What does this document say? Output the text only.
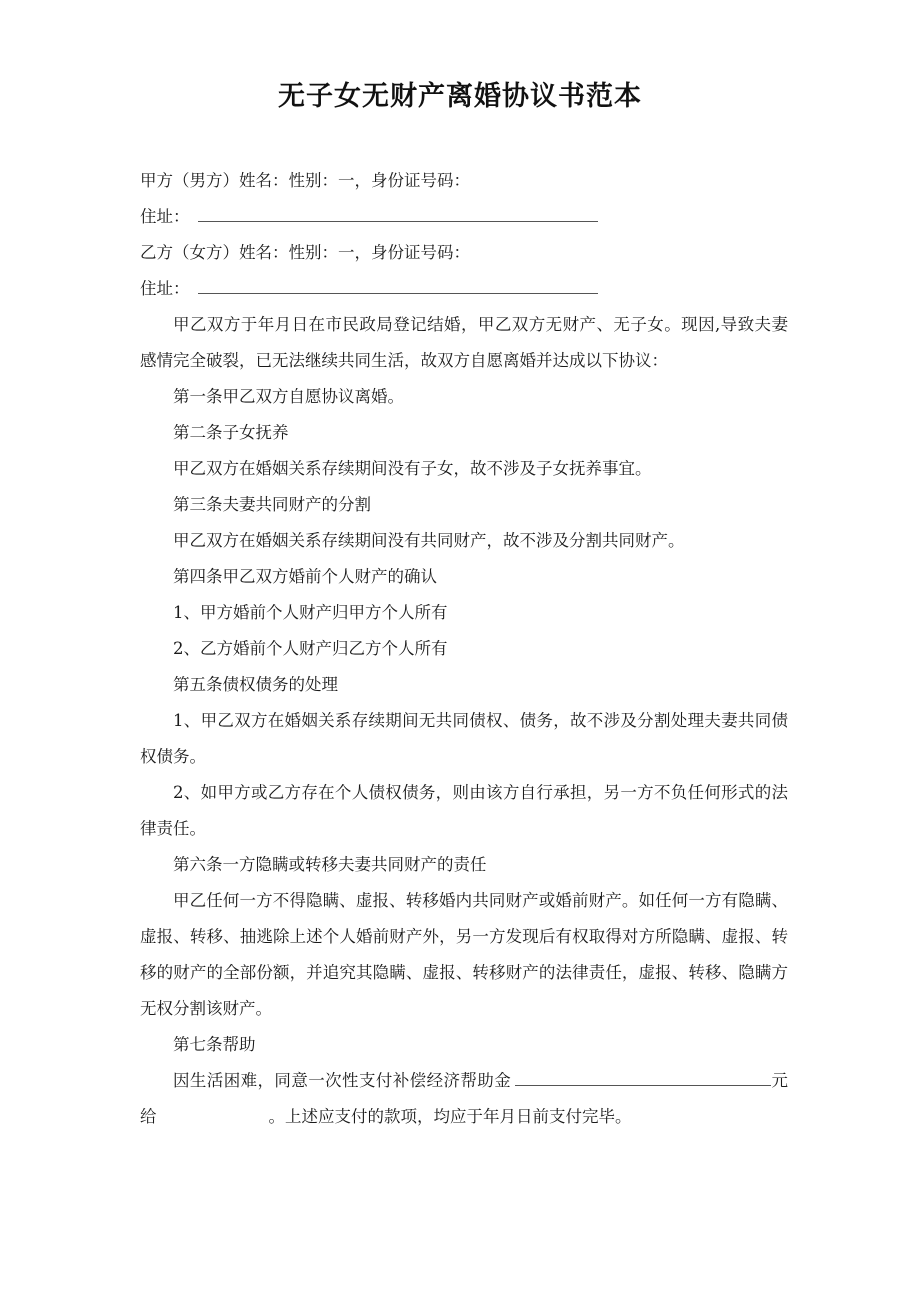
无子女无财产离婚协议书范本

甲方（男方）姓名：性别：一，身份证号码：

住址：

乙方（女方）姓名：性别：一，身份证号码：

住址：

甲乙双方于年月日在市民政局登记结婚，甲乙双方无财产、无子女。现因,导致夫妻感情完全破裂，已无法继续共同生活，故双方自愿离婚并达成以下协议：

第一条甲乙双方自愿协议离婚。

第二条子女抚养

甲乙双方在婚姻关系存续期间没有子女，故不涉及子女抚养事宜。

第三条夫妻共同财产的分割

甲乙双方在婚姻关系存续期间没有共同财产，故不涉及分割共同财产。

第四条甲乙双方婚前个人财产的确认

1、甲方婚前个人财产归甲方个人所有

2、乙方婚前个人财产归乙方个人所有

第五条债权债务的处理

1、甲乙双方在婚姻关系存续期间无共同债权、债务，故不涉及分割处理夫妻共同债权债务。

2、如甲方或乙方存在个人债权债务，则由该方自行承担，另一方不负任何形式的法律责任。

第六条一方隐瞒或转移夫妻共同财产的责任

甲乙任何一方不得隐瞒、虚报、转移婚内共同财产或婚前财产。如任何一方有隐瞒、虚报、转移、抽逃除上述个人婚前财产外，另一方发现后有权取得对方所隐瞒、虚报、转移的财产的全部份额，并追究其隐瞒、虚报、转移财产的法律责任，虚报、转移、隐瞒方无权分割该财产。

第七条帮助

因生活困难，同意一次性支付补偿经济帮助金	元给	。上述应支付的款项，均应于年月日前支付完毕。
